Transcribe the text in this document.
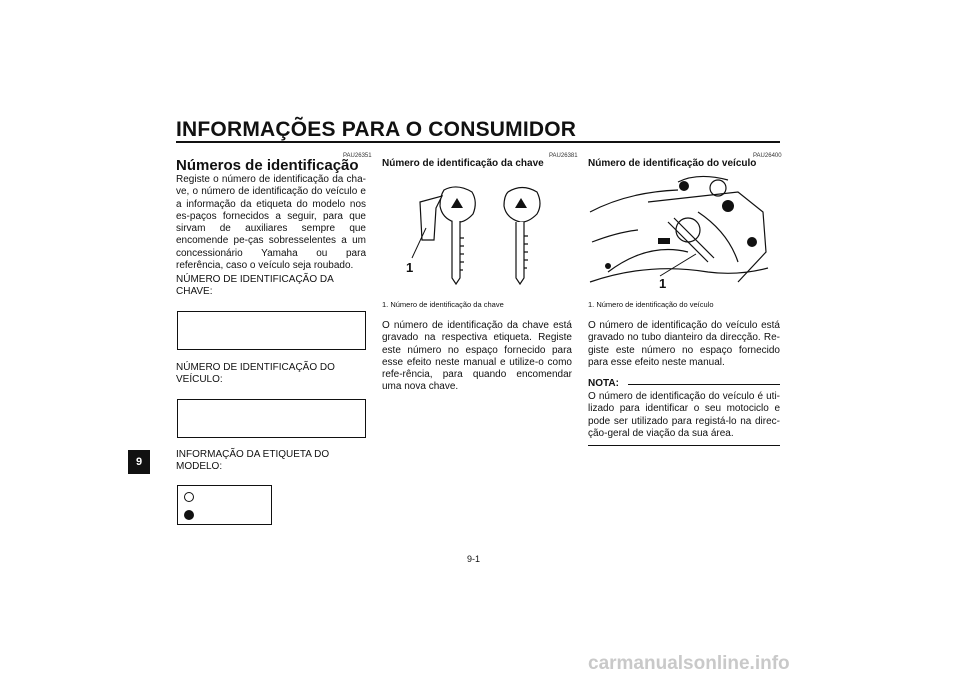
INFORMAÇÕES PARA O CONSUMIDOR
9
PAU26351
Números de identificação
Registe o número de identificação da cha-ve, o número de identificação do veículo e a informação da etiqueta do modelo nos es-paços fornecidos a seguir, para que sirvam de auxiliares sempre que encomende pe-ças sobresselentes a um concessionário Yamaha ou para referência, caso o veículo seja roubado.
NÚMERO DE IDENTIFICAÇÃO DA CHAVE:
NÚMERO DE IDENTIFICAÇÃO DO VEÍCULO:
INFORMAÇÃO DA ETIQUETA DO MODELO:
PAU26381
Número de identificação da chave
1
1. Número de identificação da chave
O número de identificação da chave está gravado na respectiva etiqueta. Registe este número no espaço fornecido para esse efeito neste manual e utilize-o como refe-rência, para quando encomendar uma nova chave.
PAU26400
Número de identificação do veículo
1
1. Número de identificação do veículo
O número de identificação do veículo está gravado no tubo dianteiro da direcção. Re-giste este número no espaço fornecido para esse efeito neste manual.
NOTA:
O número de identificação do veículo é uti-lizado para identificar o seu motociclo e pode ser utilizado para registá-lo na direc-ção-geral de viação da sua área.
9-1
carmanualsonline.info
